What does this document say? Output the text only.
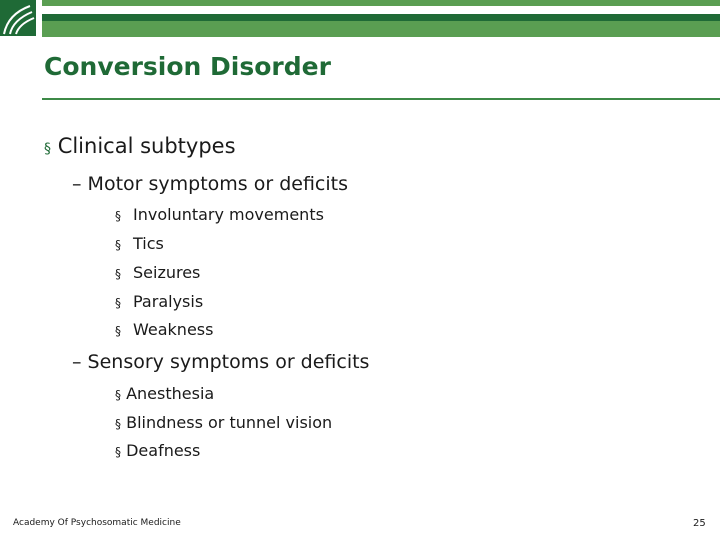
Conversion Disorder
§ Clinical subtypes
– Motor symptoms or deficits
§ Involuntary movements
§ Tics
§ Seizures
§ Paralysis
§ Weakness
– Sensory symptoms or deficits
§ Anesthesia
§ Blindness or tunnel vision
§ Deafness
Academy Of Psychosomatic Medicine	25
